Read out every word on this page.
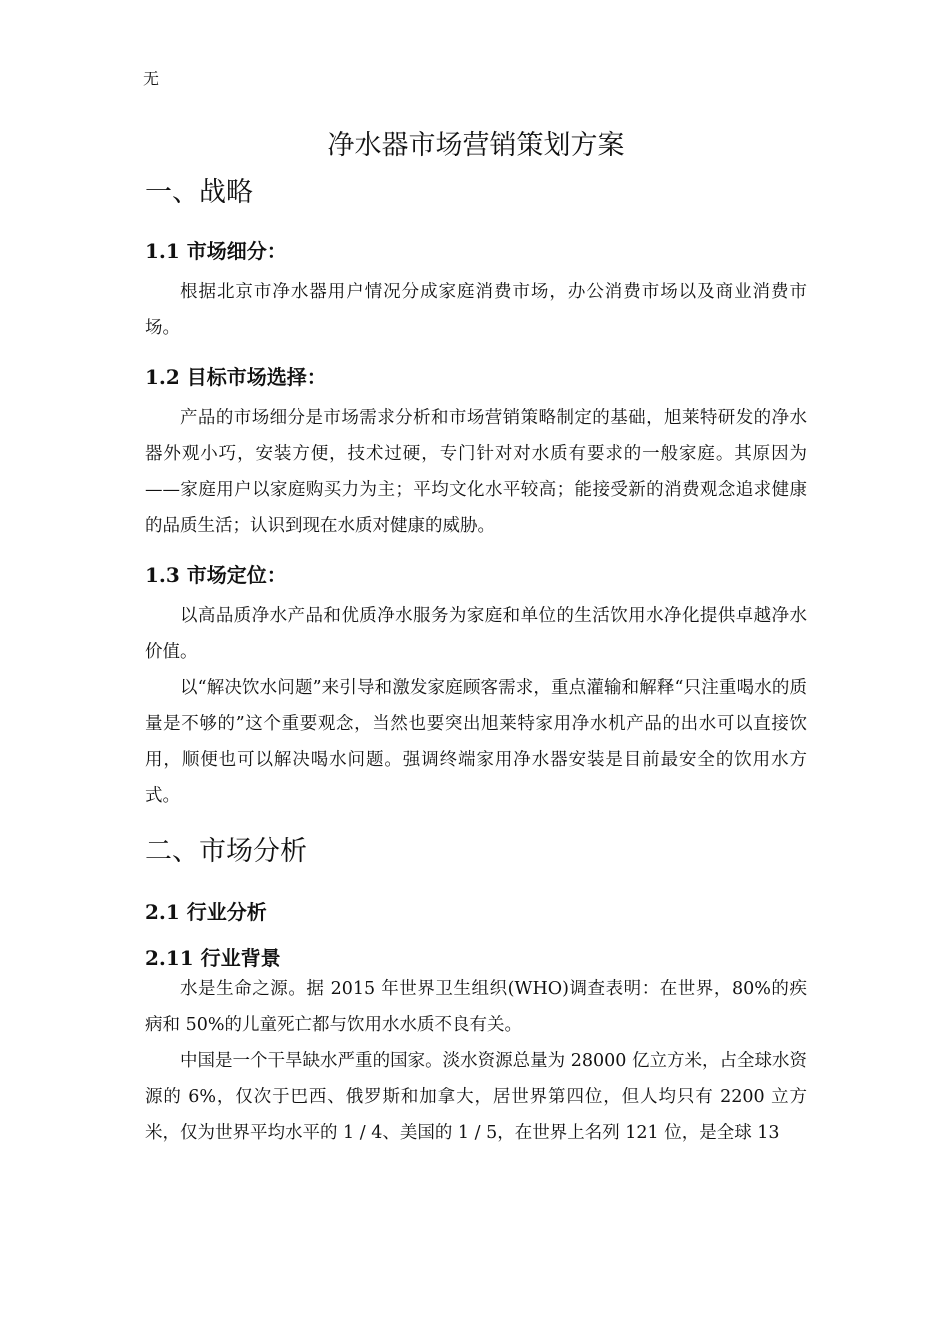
无
净水器市场营销策划方案
一、战略
1.1 市场细分：

根据北京市净水器用户情况分成家庭消费市场，办公消费市场以及商业消费市场。

1.2 目标市场选择：

产品的市场细分是市场需求分析和市场营销策略制定的基础，旭莱特研发的净水器外观小巧，安装方便，技术过硬，专门针对对水质有要求的一般家庭。其原因为——家庭用户以家庭购买力为主；平均文化水平较高；能接受新的消费观念追求健康的品质生活；认识到现在水质对健康的威胁。

1.3 市场定位：

以高品质净水产品和优质净水服务为家庭和单位的生活饮用水净化提供卓越净水价值。

以“解决饮水问题”来引导和激发家庭顾客需求，重点灌输和解释“只注重喝水的质量是不够的”这个重要观念，当然也要突出旭莱特家用净水机产品的出水可以直接饮用，顺便也可以解决喝水问题。强调终端家用净水器安装是目前最安全的饮用水方式。

二、市场分析
2.1 行业分析
2.11 行业背景

水是生命之源。据 2015 年世界卫生组织(WHO)调查表明：在世界，80%的疾病和 50%的儿童死亡都与饮用水水质不良有关。

中国是一个干旱缺水严重的国家。淡水资源总量为 28000 亿立方米，占全球水资源的 6%，仅次于巴西、俄罗斯和加拿大，居世界第四位，但人均只有 2200 立方米，仅为世界平均水平的 1 / 4、美国的 1 / 5，在世界上名列 121 位，是全球 13
